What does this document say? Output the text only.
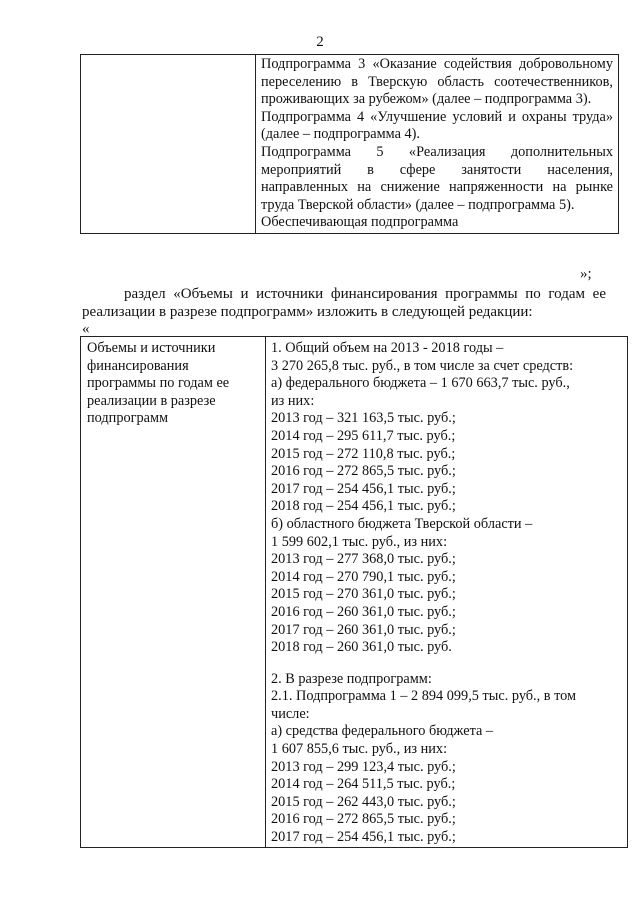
2

Подпрограмма 3 «Оказание содействия добровольному переселению в Тверскую область соотечественников, проживающих за рубежом» (далее – подпрограмма 3).

Подпрограмма 4 «Улучшение условий и охраны труда» (далее – подпрограмма 4).

Подпрограмма 5 «Реализация дополнительных мероприятий в сфере занятости населения, направленных на снижение напряженности на рынке труда Тверской области» (далее – подпрограмма 5).

Обеспечивающая подпрограмма

»;

раздел «Объемы и источники финансирования программы по годам ее реализации в разрезе подпрограмм» изложить в следующей редакции:

«
Объемы и источники финансирования программы по годам ее реализации в разрезе подпрограмм	
1. Общий объем на 2013 - 2018 годы –
3 270 265,8 тыс. руб., в том числе за счет средств:
а) федерального бюджета – 1 670 663,7 тыс. руб.,
из них:
2013 год – 321 163,5 тыс. руб.;
2014 год – 295 611,7 тыс. руб.;
2015 год – 272 110,8 тыс. руб.;
2016 год – 272 865,5 тыс. руб.;
2017 год – 254 456,1 тыс. руб.;
2018 год – 254 456,1 тыс. руб.;
б) областного бюджета Тверской области –
1 599 602,1 тыс. руб., из них:
2013 год – 277 368,0 тыс. руб.;
2014 год – 270 790,1 тыс. руб.;
2015 год – 270 361,0 тыс. руб.;
2016 год – 260 361,0 тыс. руб.;
2017 год – 260 361,0 тыс. руб.;
2018 год – 260 361,0 тыс. руб.
2. В разрезе подпрограмм:
2.1. Подпрограмма 1 – 2 894 099,5 тыс. руб., в том
числе:
а) средства федерального бюджета –
1 607 855,6 тыс. руб., из них:
2013 год – 299 123,4 тыс. руб.;
2014 год – 264 511,5 тыс. руб.;
2015 год – 262 443,0 тыс. руб.;
2016 год – 272 865,5 тыс. руб.;
2017 год – 254 456,1 тыс. руб.;
